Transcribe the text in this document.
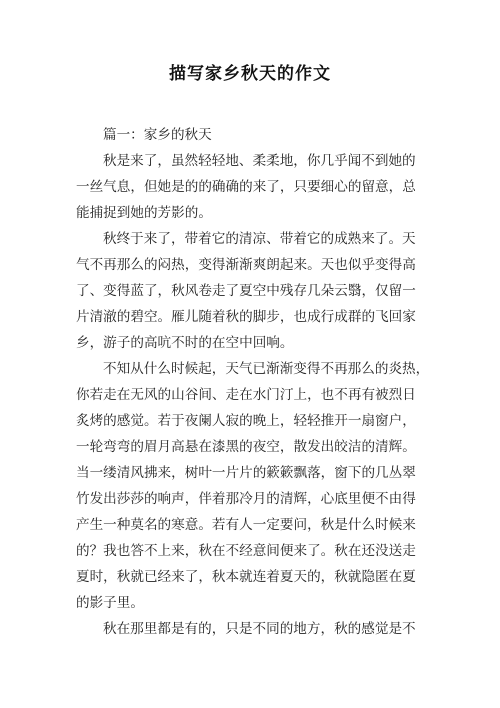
描写家乡秋天的作文

篇一：家乡的秋天

秋是来了，虽然轻轻地、柔柔地，你几乎闻不到她的
一丝气息，但她是的的确确的来了，只要细心的留意，总
能捕捉到她的芳影的。

秋终于来了，带着它的清凉、带着它的成熟来了。天
气不再那么的闷热，变得渐渐爽朗起来。天也似乎变得高
了、变得蓝了，秋风卷走了夏空中残存几朵云翳，仅留一
片清澈的碧空。雁儿随着秋的脚步，也成行成群的飞回家
乡，游子的高吭不时的在空中回响。

不知从什么时候起，天气已渐渐变得不再那么的炎热，
你若走在无风的山谷间、走在水门汀上，也不再有被烈日
炙烤的感觉。若于夜阑人寂的晚上，轻轻推开一扇窗户，
一轮弯弯的眉月高悬在漆黑的夜空，散发出皎洁的清辉。
当一缕清风拂来，树叶一片片的簌簌飘落，窗下的几丛翠
竹发出莎莎的响声，伴着那冷月的清辉，心底里便不由得
产生一种莫名的寒意。若有人一定要问，秋是什么时候来
的？我也答不上来，秋在不经意间便来了。秋在还没送走
夏时，秋就已经来了，秋本就连着夏天的，秋就隐匿在夏
的影子里。

秋在那里都是有的，只是不同的地方，秋的感觉是不
